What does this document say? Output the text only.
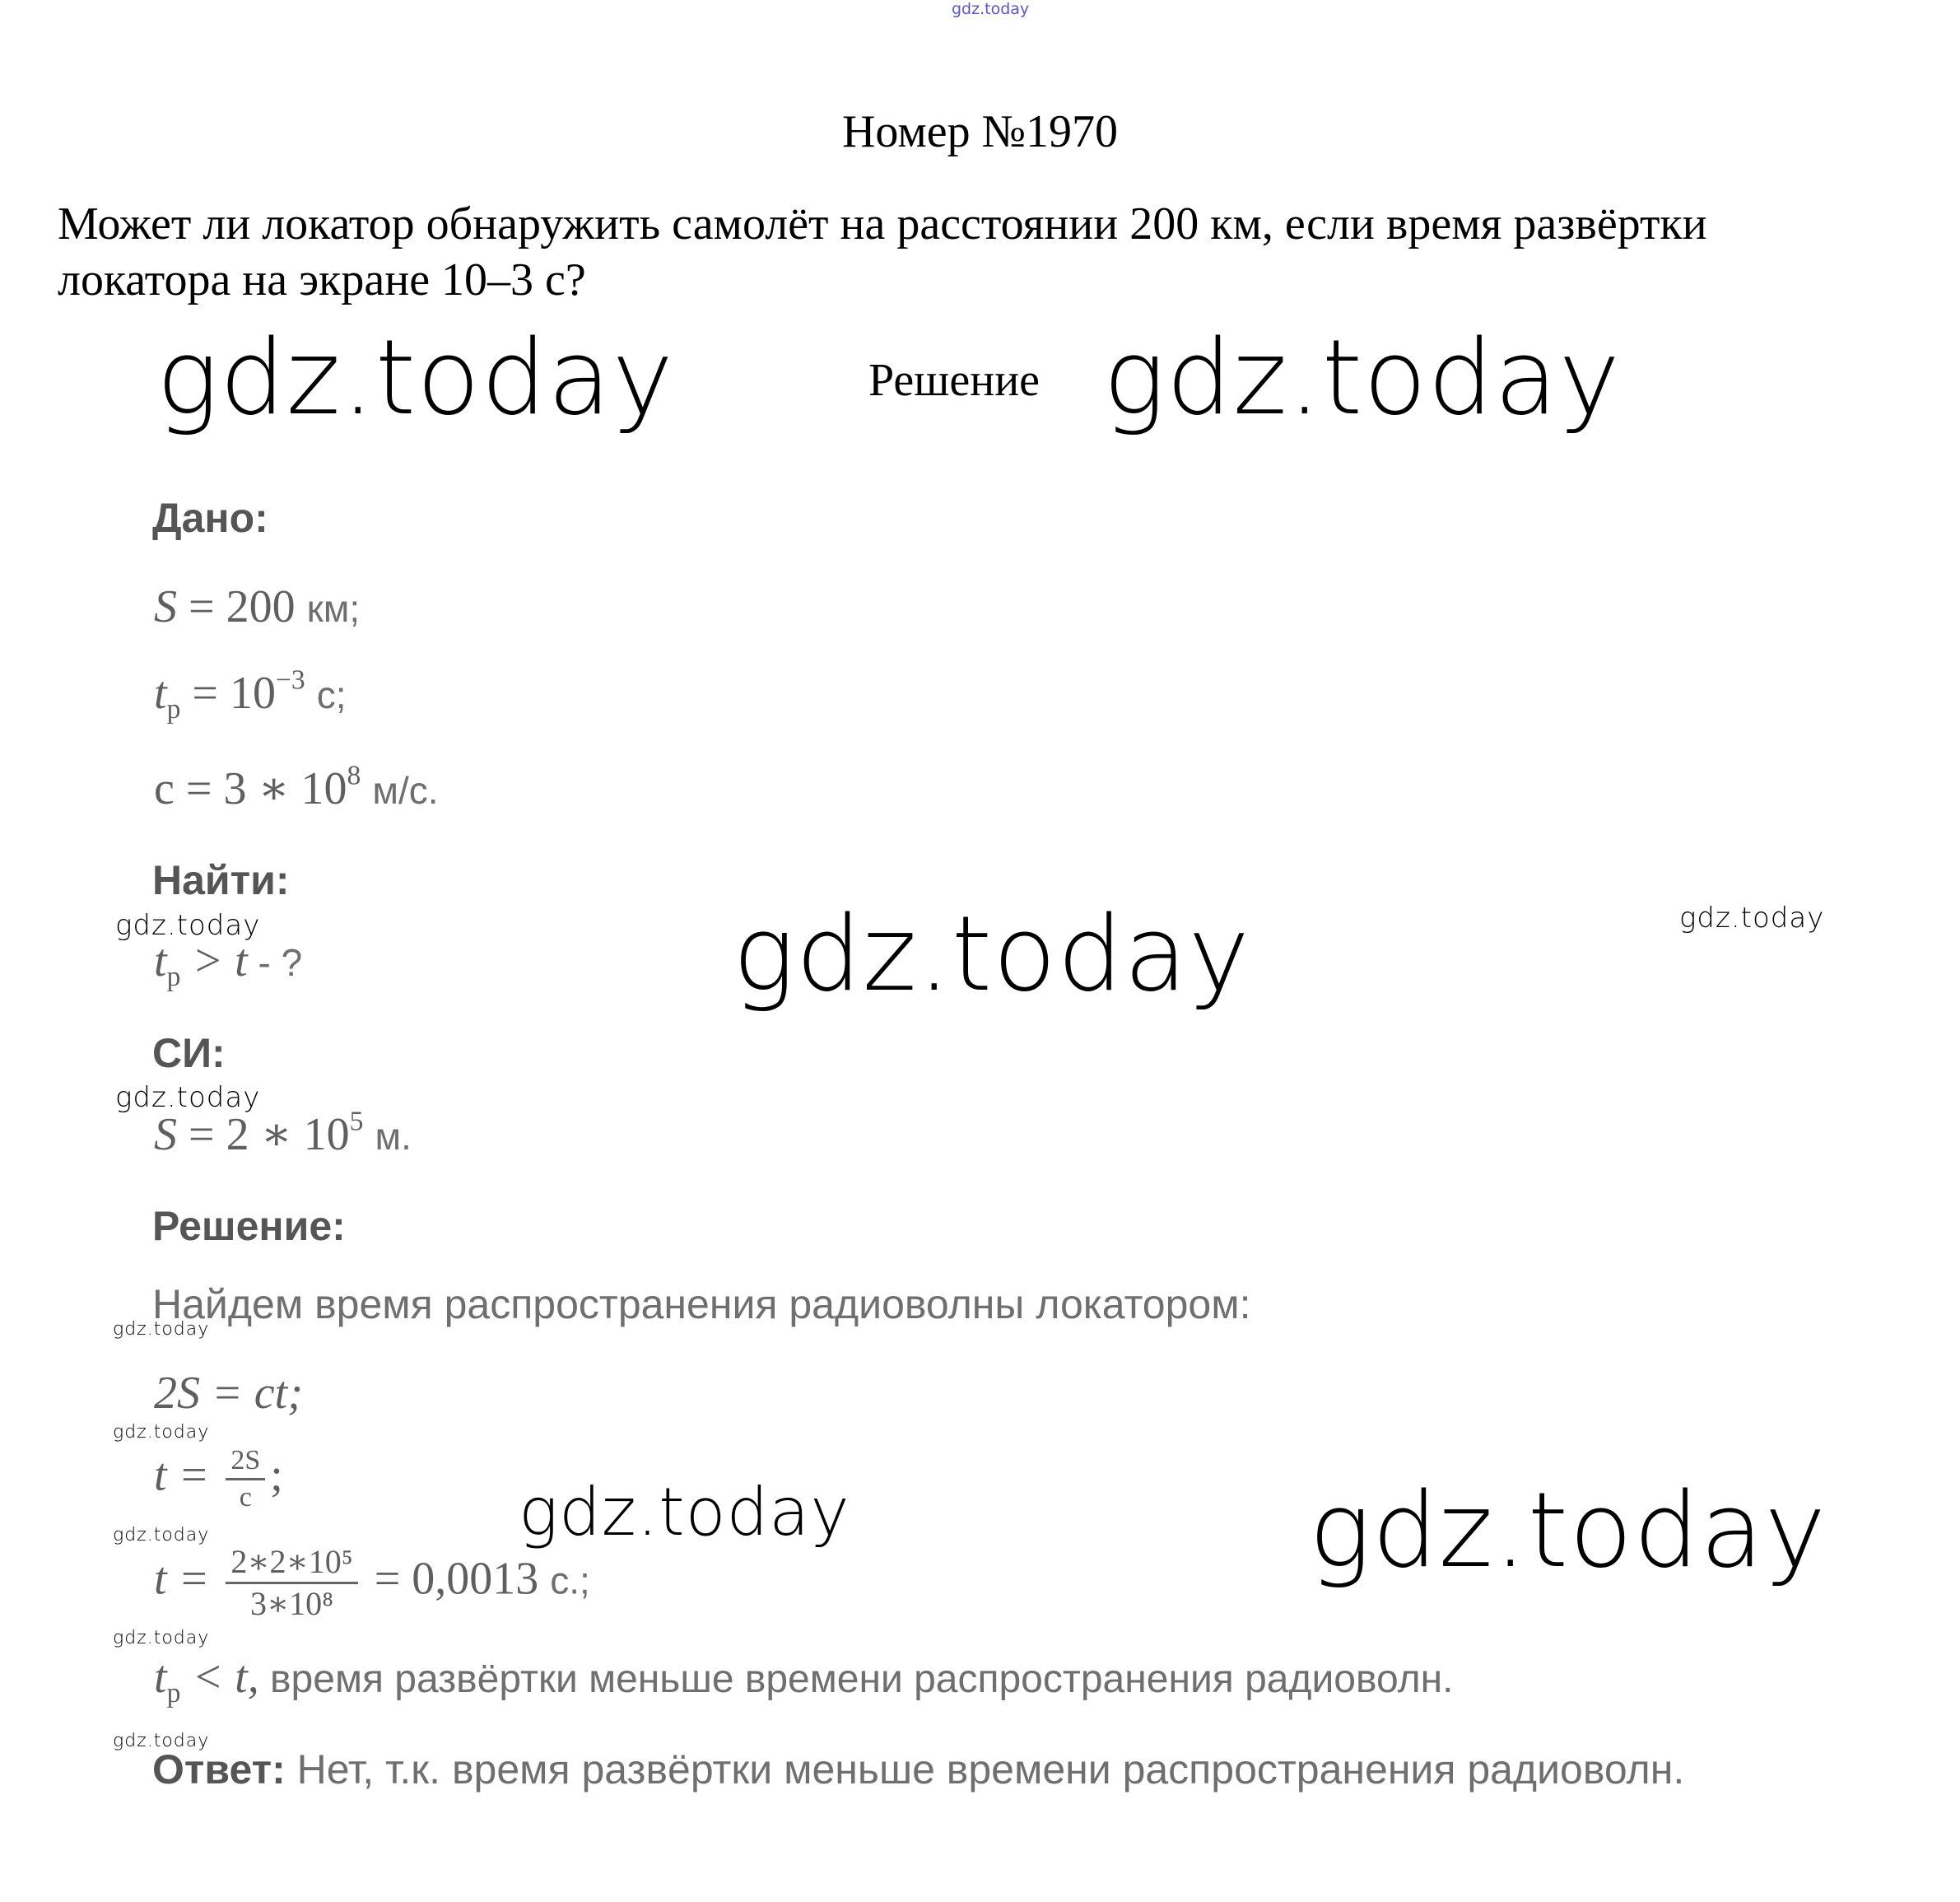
gdz.today
Номер №1970
Может ли локатор обнаружить самолёт на расстоянии 200 км, если время развёртки
локатора на экране 10–3 с?
Решение
gdz.today	gdz.today
gdz.today
gdz.today
gdz.today
gdz.today
gdz.today
gdz.today
gdz.today
gdz.today
gdz.today
gdz.today
gdz.today
Дано:
S = 200 км;
$t_р = 10^{-3}$ с;
c = 3 ∗ $10^8$ м/с.
Найти:
$t_р > t$ - ?
СИ:
S = 2 ∗ $10^5$ м.
Решение:
Найдем время распространения радиоволны локатором:
2S = ct;
$t = \frac{2S}{c}$ ;
$t = \frac{\text{2∗2∗10⁵}}{\text{3∗10⁸}} = 0,0013$ с.;
$t_р < t$, время развёртки меньше времени распространения радиоволн.
Ответ: Нет, т.к. время развёртки меньше времени распространения радиоволн.
